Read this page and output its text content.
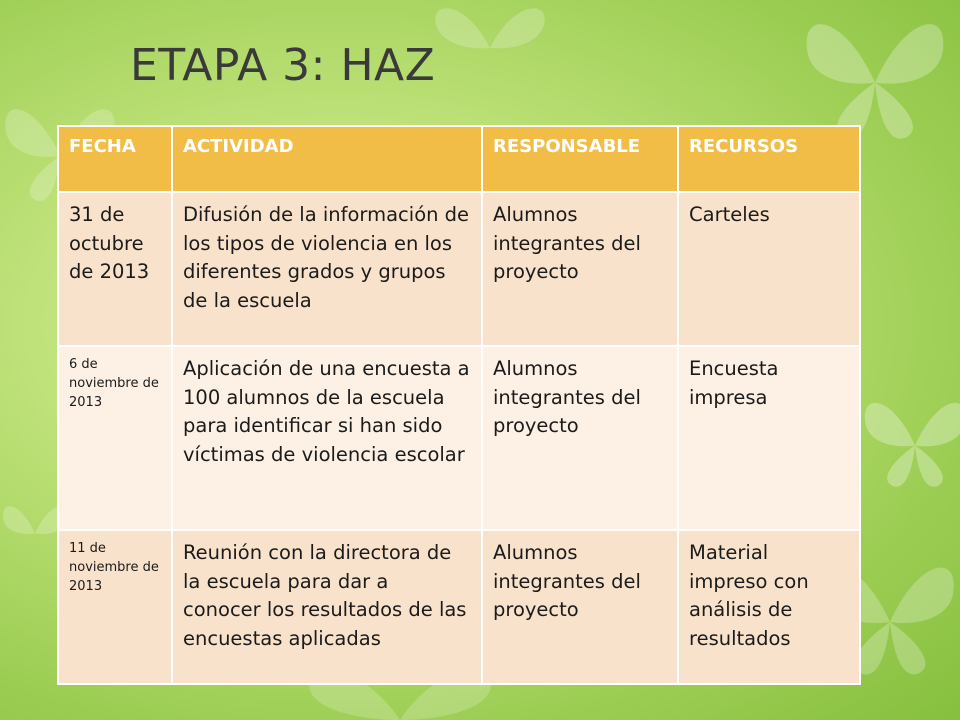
ETAPA 3: HAZ
FECHA	ACTIVIDAD	RESPONSABLE	RECURSOS
31 de octubre de 2013	Difusión de la información de los tipos de violencia en los diferentes grados y grupos de la escuela	Alumnos integrantes del proyecto	Carteles
6 de noviembre de 2013	Aplicación de una encuesta a 100 alumnos de la escuela para identificar si han sido víctimas de violencia escolar	Alumnos integrantes del proyecto	Encuesta impresa
11 de noviembre de 2013	Reunión con la directora de la escuela para dar a conocer los resultados de las encuestas aplicadas	Alumnos integrantes del proyecto	Material impreso con análisis de resultados
